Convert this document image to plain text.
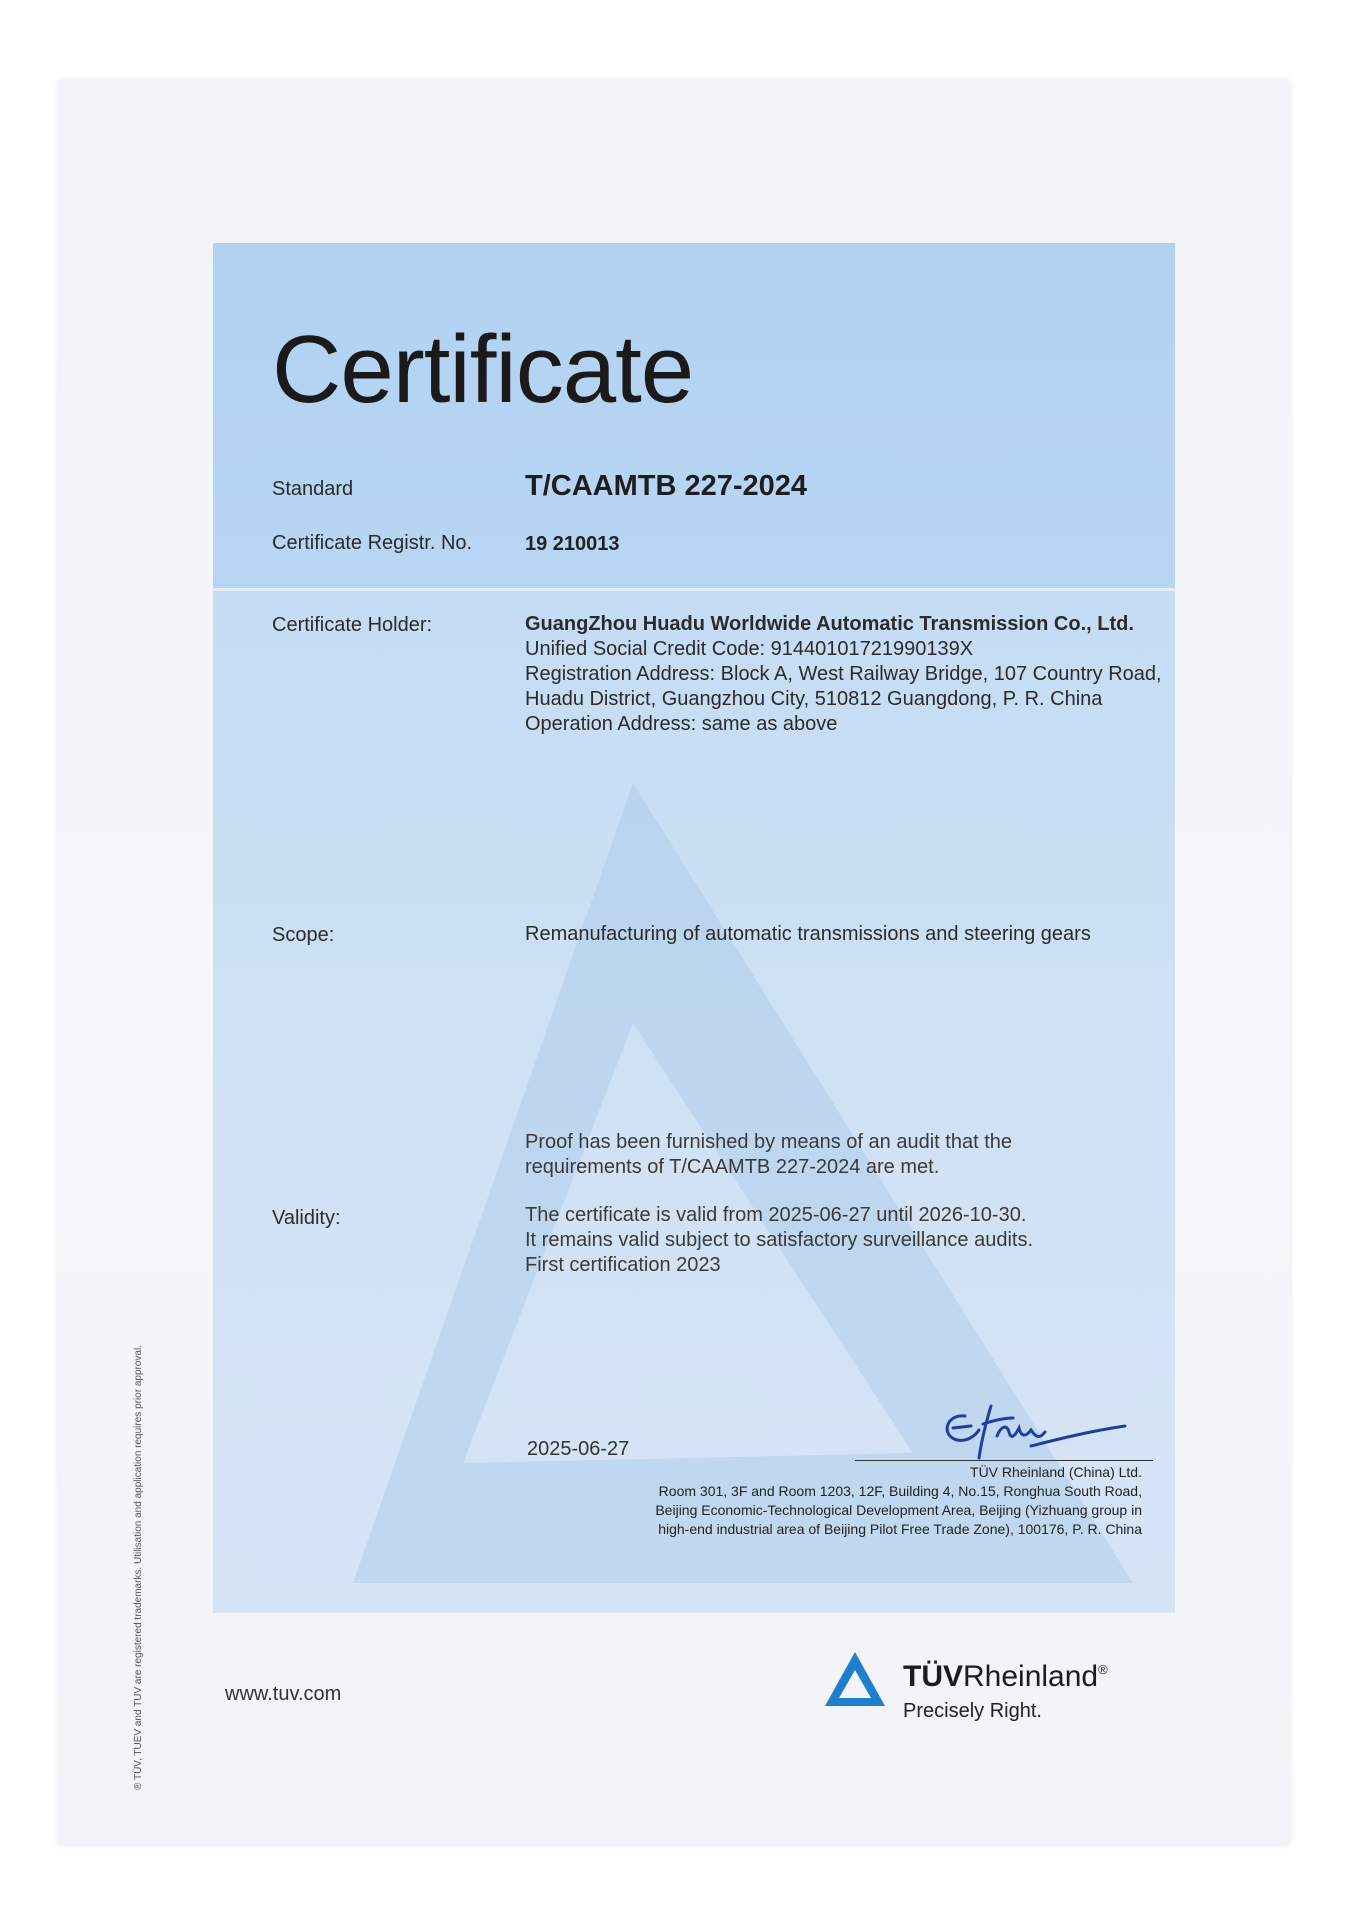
Certificate
Standard	T/CAAMTB 227-2024
Certificate Registr. No.	19 210013
Certificate Holder:	GuangZhou Huadu Worldwide Automatic Transmission Co., Ltd.
Unified Social Credit Code: 91440101721990139X
Registration Address: Block A, West Railway Bridge, 107 Country Road, Huadu District, Guangzhou City, 510812 Guangdong, P. R. China
Operation Address: same as above
Scope:	Remanufacturing of automatic transmissions and steering gears
Proof has been furnished by means of an audit that the requirements of T/CAAMTB 227-2024 are met.
Validity:	The certificate is valid from 2025-06-27 until 2026-10-30.
It remains valid subject to satisfactory surveillance audits.
First certification 2023
2025-06-27
TÜV Rheinland (China) Ltd.
Room 301, 3F and Room 1203, 12F, Building 4, No.15, Ronghua South Road, Beijing Economic-Technological Development Area, Beijing (Yizhuang group in high-end industrial area of Beijing Pilot Free Trade Zone), 100176, P. R. China
® TÜV, TUEV and TUV are registered trademarks. Utilisation and application requires prior approval.	www.tuv.com
TÜVRheinland®
Precisely Right.
